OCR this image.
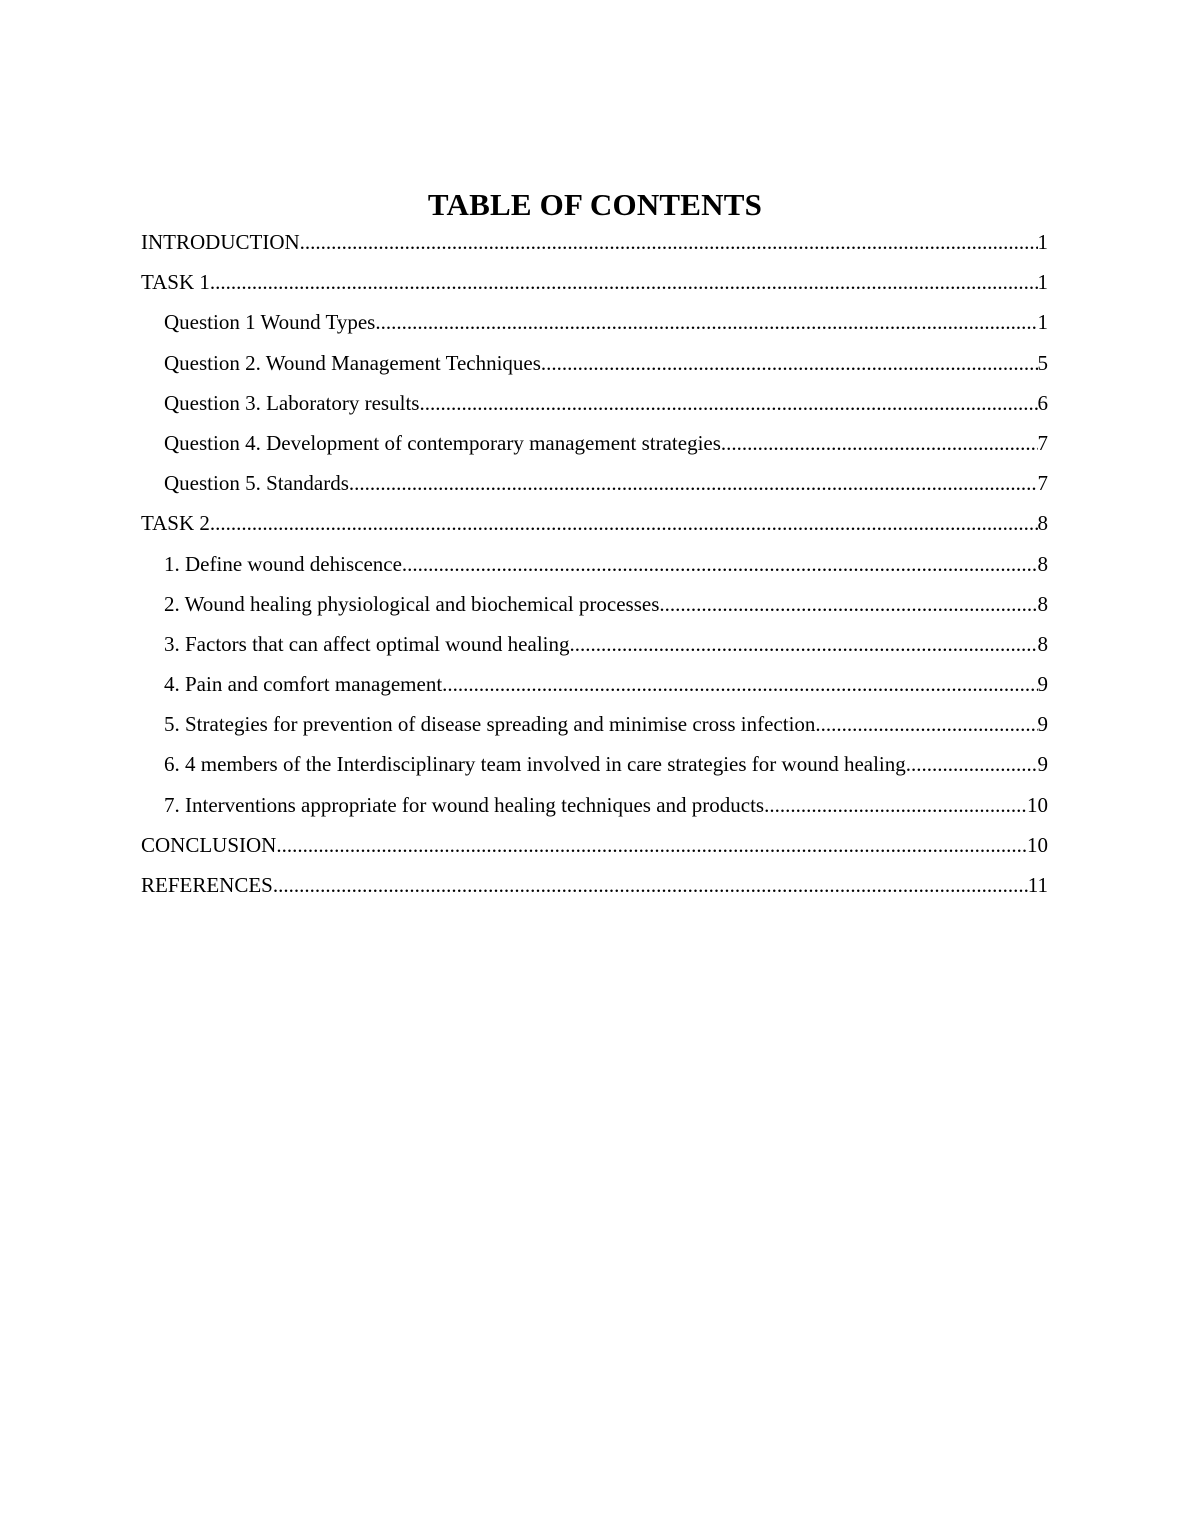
TABLE OF CONTENTS
INTRODUCTION .....	1
TASK 1 .....	1
Question 1 Wound Types .....	1
Question 2. Wound Management Techniques .....	5
Question 3. Laboratory results .....	6
Question 4. Development of contemporary management strategies .....	7
Question 5. Standards .....	7
TASK 2 .....	8
1. Define wound dehiscence .....	8
2. Wound healing physiological and biochemical processes .....	8
3. Factors that can affect optimal wound healing .....	8
4. Pain and comfort management .....	9
5. Strategies for prevention of disease spreading and minimise cross infection .....	9
6. 4 members of the Interdisciplinary team involved in care strategies for wound healing .....	9
7. Interventions appropriate for wound healing techniques and products .....	10
CONCLUSION .....	10
REFERENCES .....	11
